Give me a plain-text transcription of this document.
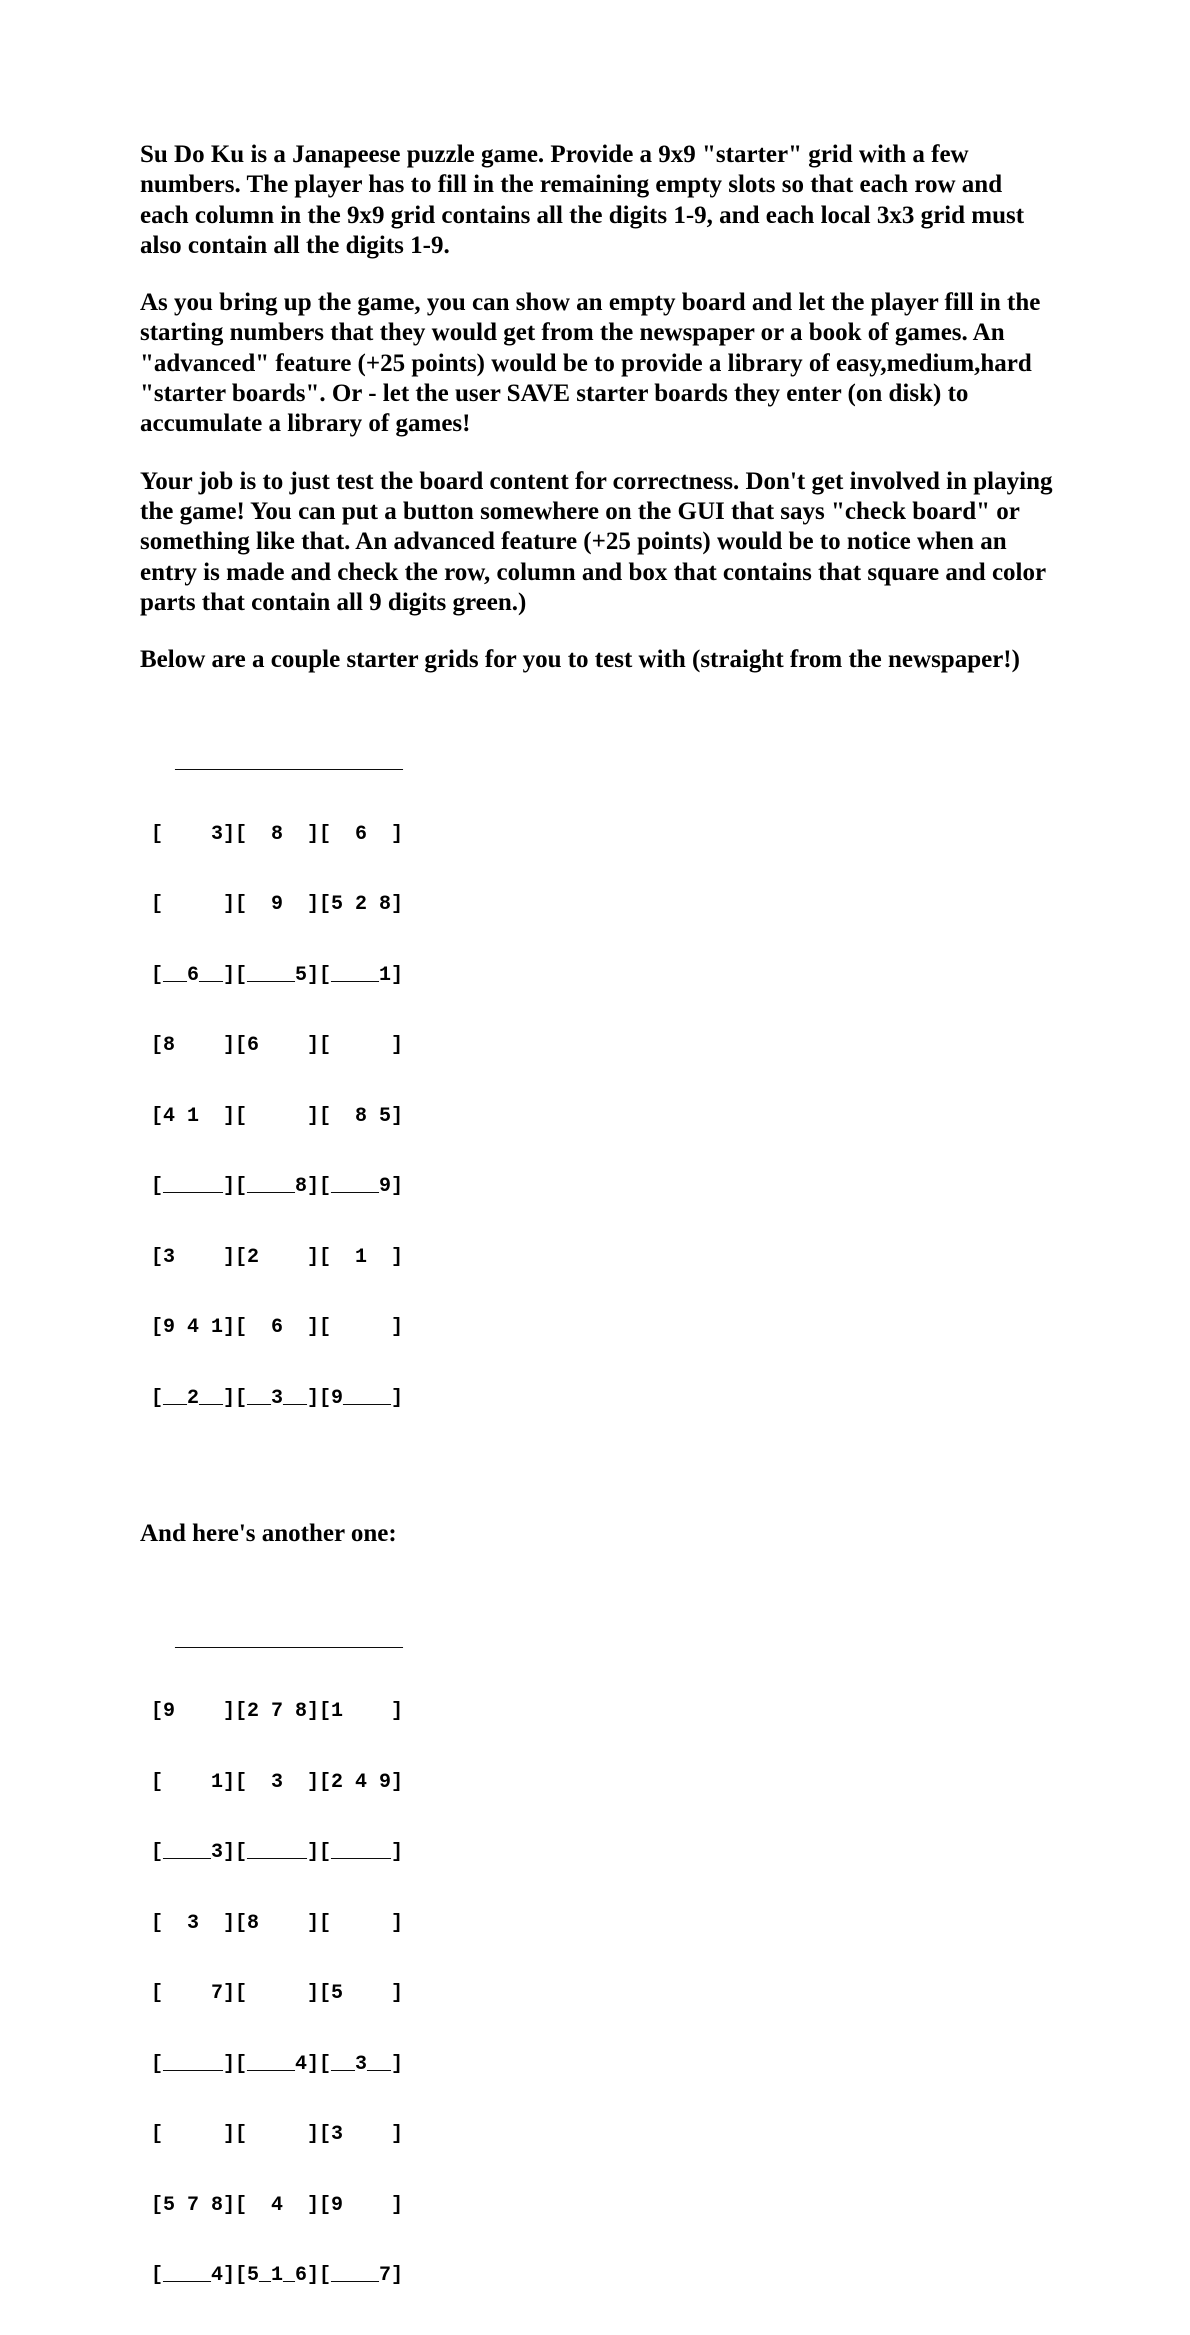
Su Do Ku is a Janapeese puzzle game. Provide a 9x9 "starter" grid with a few numbers. The player has to fill in the remaining empty slots so that each row and each column in the 9x9 grid contains all the digits 1-9, and each local 3x3 grid must also contain all the digits 1-9.

As you bring up the game, you can show an empty board and let the player fill in the starting numbers that they would get from the newspaper or a book of games. An "advanced" feature (+25 points) would be to provide a library of easy,medium,hard "starter boards". Or - let the user SAVE starter boards they enter (on disk) to accumulate a library of games!

Your job is to just test the board content for correctness. Don't get involved in playing the game! You can put a button somewhere on the GUI that says "check board" or something like that. An advanced feature (+25 points) would be to notice when an entry is made and check the row, column and box that contains that square and color parts that contain all 9 digits green.)

Below are a couple starter grids for you to test with (straight from the newspaper!)

___________________

[    3][  8  ][  6  ]

[     ][  9  ][5 2 8]

[__6__][____5][____1]

[8    ][6    ][     ]

[4 1  ][     ][  8 5]

[_____][____8][____9]

[3    ][2    ][  1  ]

[9 4 1][  6  ][     ]

[__2__][__3__][9____]

And here's another one:

___________________

[9    ][2 7 8][1    ]

[    1][  3  ][2 4 9]

[____3][_____][_____]

[  3  ][8    ][     ]

[    7][     ][5    ]

[_____][____4][__3__]

[     ][     ][3    ]

[5 7 8][  4  ][9    ]

[____4][5_1_6][____7]
